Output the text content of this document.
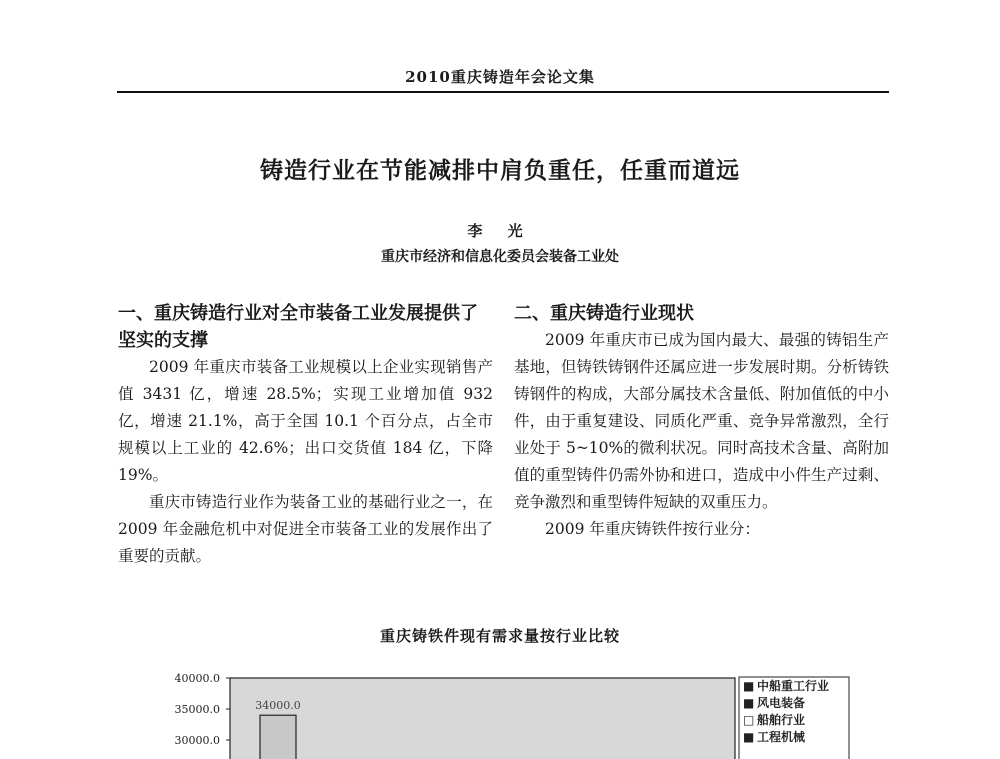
2010重庆铸造年会论文集
铸造行业在节能减排中肩负重任，任重而道远
李 光
重庆市经济和信息化委员会装备工业处
一、重庆铸造行业对全市装备工业发展提供了坚实的支撑

2009 年重庆市装备工业规模以上企业实现销售产值 3431 亿，增速 28.5%；实现工业增加值 932 亿，增速 21.1%，高于全国 10.1 个百分点，占全市规模以上工业的 42.6%；出口交货值 184 亿，下降 19%。

重庆市铸造行业作为装备工业的基础行业之一，在 2009 年金融危机中对促进全市装备工业的发展作出了重要的贡献。

二、重庆铸造行业现状

2009 年重庆市已成为国内最大、最强的铸铝生产基地，但铸铁铸钢件还属应进一步发展时期。分析铸铁铸钢件的构成，大部分属技术含量低、附加值低的中小件，由于重复建设、同质化严重、竞争异常激烈，全行业处于 5~10%的微利状况。同时高技术含量、高附加值的重型铸件仍需外协和进口，造成中小件生产过剩、竞争激烈和重型铸件短缺的双重压力。

2009 年重庆铸铁件按行业分：

重庆铸铁件现有需求量按行业比较
40000.0
35000.0
30000.0
34000.0
■ 中船重工行业
■ 风电装备
□ 船舶行业
■ 工程机械
